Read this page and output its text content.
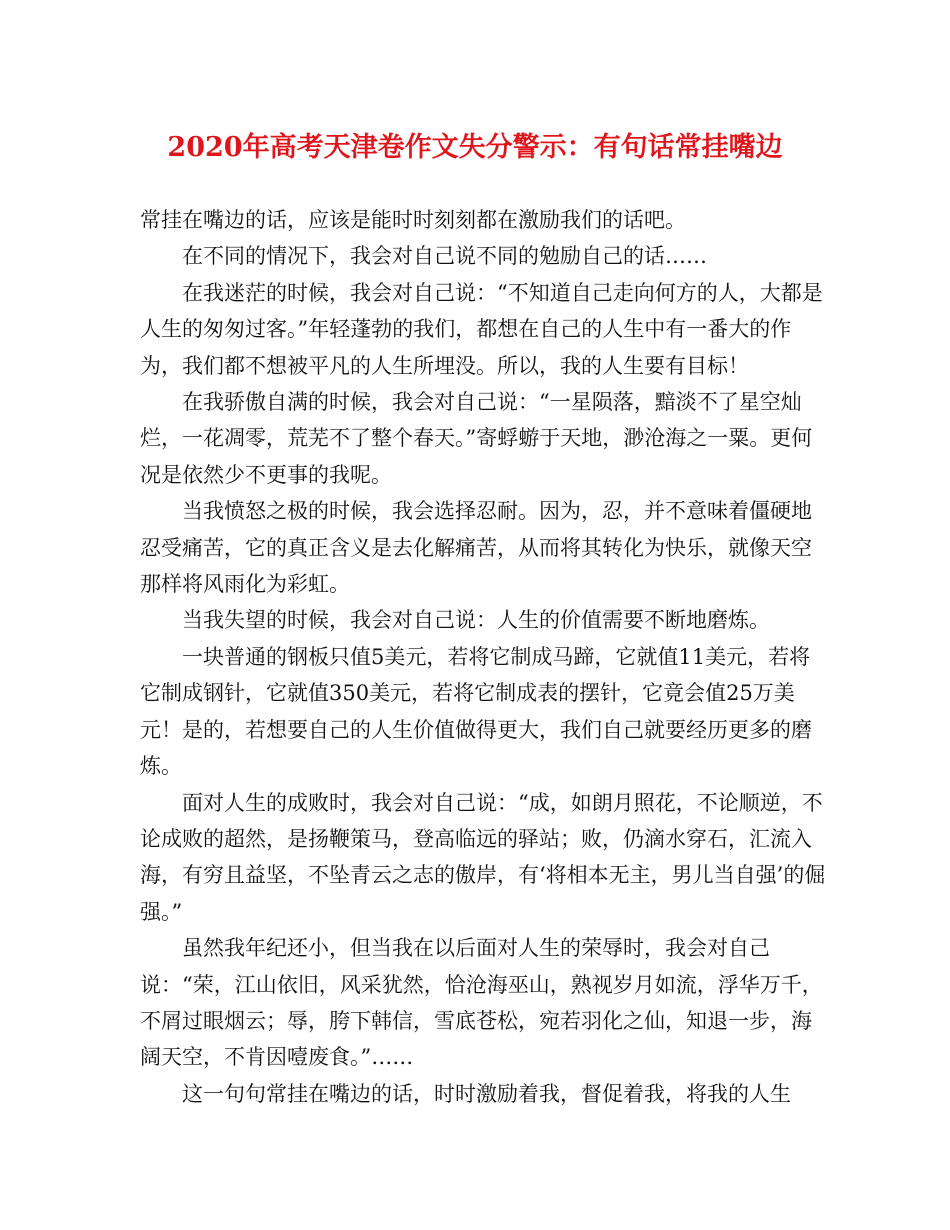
2020年高考天津卷作文失分警示：有句话常挂嘴边

常挂在嘴边的话，应该是能时时刻刻都在激励我们的话吧。

在不同的情况下，我会对自己说不同的勉励自己的话……

在我迷茫的时候，我会对自己说：“不知道自己走向何方的人，大都是人生的匆匆过客。”年轻蓬勃的我们，都想在自己的人生中有一番大的作为，我们都不想被平凡的人生所埋没。所以，我的人生要有目标！

在我骄傲自满的时候，我会对自己说：“一星陨落，黯淡不了星空灿烂，一花凋零，荒芜不了整个春天。”寄蜉蝣于天地，渺沧海之一粟。更何况是依然少不更事的我呢。

当我愤怒之极的时候，我会选择忍耐。因为，忍，并不意味着僵硬地忍受痛苦，它的真正含义是去化解痛苦，从而将其转化为快乐，就像天空那样将风雨化为彩虹。

当我失望的时候，我会对自己说：人生的价值需要不断地磨炼。

一块普通的钢板只值5美元，若将它制成马蹄，它就值11美元，若将它制成钢针，它就值350美元，若将它制成表的摆针，它竟会值25万美元！是的，若想要自己的人生价值做得更大，我们自己就要经历更多的磨炼。

面对人生的成败时，我会对自己说：“成，如朗月照花，不论顺逆，不论成败的超然，是扬鞭策马，登高临远的驿站；败，仍滴水穿石，汇流入海，有穷且益坚，不坠青云之志的傲岸，有‘将相本无主，男儿当自强’的倔强。”

虽然我年纪还小，但当我在以后面对人生的荣辱时，我会对自己说：“荣，江山依旧，风采犹然，恰沧海巫山，熟视岁月如流，浮华万千，不屑过眼烟云；辱，胯下韩信，雪底苍松，宛若羽化之仙，知退一步，海阔天空，不肯因噎废食。”……

这一句句常挂在嘴边的话，时时激励着我，督促着我，将我的人生
